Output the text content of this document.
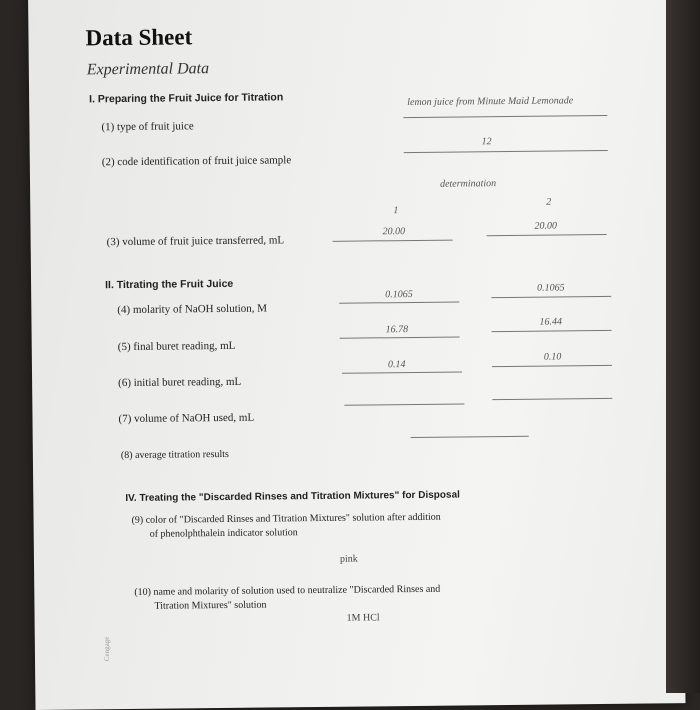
Data Sheet
Experimental Data
I. Preparing the Fruit Juice for Titration
(1) type of fruit juice
lemon juice from Minute Maid Lemonade
(2) code identification of fruit juice sample
12
determination
1
2
(3) volume of fruit juice transferred, mL
20.00	20.00
II. Titrating the Fruit Juice
(4) molarity of NaOH solution, M
0.1065
0.1065
(5) final buret reading, mL
16.78
16.44
(6) initial buret reading, mL
0.14
0.10
(7) volume of NaOH used, mL
(8) average titration results
IV. Treating the "Discarded Rinses and Titration Mixtures" for Disposal
(9) color of "Discarded Rinses and Titration Mixtures" solution after addition
of phenolphthalein indicator solution
pink
(10) name and molarity of solution used to neutralize "Discarded Rinses and
Titration Mixtures" solution
1M HCl
Cengage
